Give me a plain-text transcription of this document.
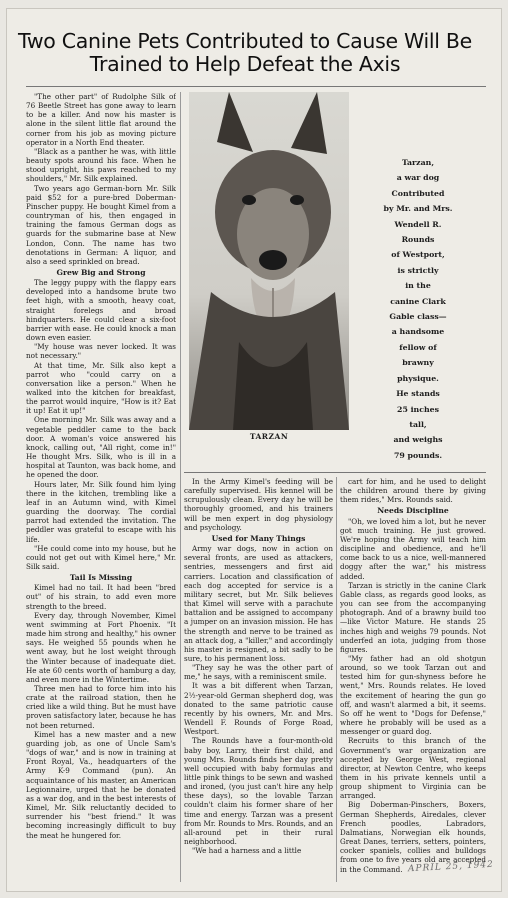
Two Canine Pets Contributed to Cause Will Be Trained to Help Defeat the Axis

"The other part" of Rudolphe Silk of 76 Beetle Street has gone away to learn to be a killer. And now his master is alone in the silent little flat around the corner from his job as moving picture operator in a North End theater.

"Black as a panther he was, with little beauty spots around his face. When he stood upright, his paws reached to my shoulders," Mr. Silk explained.

Two years ago German-born Mr. Silk paid $52 for a pure-bred Doberman-Pinscher puppy. He bought Kimel from a countryman of his, then engaged in training the famous German dogs as guards for the submarine base at New London, Conn. The name has two denotations in German: A liquor, and also a seed sprinkled on bread.

Grew Big and Strong

The leggy puppy with the flappy ears developed into a handsome brute two feet high, with a smooth, heavy coat, straight forelegs and broad hindquarters. He could clear a six-foot barrier with ease. He could knock a man down even easier.

"My house was never locked. It was not necessary."

At that time, Mr. Silk also kept a parrot who "could carry on a conversation like a person." When he walked into the kitchen for breakfast, the parrot would inquire, "How is it? Eat it up! Eat it up!"

One morning Mr. Silk was away and a vegetable peddler came to the back door. A woman's voice answered his knock, calling out, "All right, come in!" He thought Mrs. Silk, who is ill in a hospital at Taunton, was back home, and he opened the door.

Hours later, Mr. Silk found him lying there in the kitchen, trembling like a leaf in an Autumn wind, with Kimel guarding the doorway. The cordial parrot had extended the invitation. The peddler was grateful to escape with his life.

"He could come into my house, but he could not get out with Kimel here," Mr. Silk said.

Tail Is Missing

Kimel had no tail. It had been "bred out" of his strain, to add even more strength to the breed.

Every day, through November, Kimel went swimming at Fort Phoenix. "It made him strong and healthy," his owner says. He weighed 55 pounds when he went away, but he lost weight through the Winter because of inadequate diet. He ate 60 cents worth of hamburg a day, and even more in the Wintertime.

Three men had to force him into his crate at the railroad station, then he cried like a wild thing. But he must have proven satisfactory later, because he has not been returned.

Kimel has a new master and a new guarding job, as one of Uncle Sam's "dogs of war," and is now in training at Front Royal, Va., headquarters of the Army K-9 Command (pun). An acquaintance of his master, an American Legionnaire, urged that he be donated as a war dog, and in the best interests of Kimel, Mr. Silk reluctantly decided to surrender his "best friend." It was becoming increasingly difficult to buy the meat he hungered for.

TARZAN
Tarzan,
a war dog
Contributed
by Mr. and Mrs.
Wendell R.
Rounds
of Westport,
is strictly
in the
canine Clark
Gable class—
a handsome
fellow of
brawny
physique.
He stands
25 inches
tall,
and weighs
79 pounds.

In the Army Kimel's feeding will be carefully supervised. His kennel will be scrupulously clean. Every day he will be thoroughly groomed, and his trainers will be men expert in dog physiology and psychology.

Used for Many Things

Army war dogs, now in action on several fronts, are used as attackers, sentries, messengers and first aid carriers. Location and classification of each dog accepted for service is a military secret, but Mr. Silk believes that Kimel will serve with a parachute battalion and be assigned to accompany a jumper on an invasion mission. He has the strength and nerve to be trained as an attack dog, a "killer," and accordingly his master is resigned, a bit sadly to be sure, to his permanent loss.

"They say he was the other part of me," he says, with a reminiscent smile.

It was a bit different when Tarzan, 2½-year-old German shepherd dog, was donated to the same patriotic cause recently by his owners, Mr. and Mrs. Wendell F. Rounds of Forge Road, Westport.

The Rounds have a four-month-old baby boy, Larry, their first child, and young Mrs. Rounds finds her day pretty well occupied with baby formulas and little pink things to be sewn and washed and ironed, (you just can't hire any help these days), so the lovable Tarzan couldn't claim his former share of her time and energy. Tarzan was a present from Mr. Rounds to Mrs. Rounds, and an all-around pet in their rural neighborhood.

"We had a harness and a little

cart for him, and he used to delight the children around there by giving them rides," Mrs. Rounds said.

Needs Discipline

"Oh, we loved him a lot, but he never got much training. He just growed. We're hoping the Army will teach him discipline and obedience, and he'll come back to us a nice, well-mannered doggy after the war," his mistress added.

Tarzan is strictly in the canine Clark Gable class, as regards good looks, as you can see from the accompanying photograph. And of a brawny build too—like Victor Mature. He stands 25 inches high and weighs 79 pounds. Not underfed an iota, judging from those figures.

"My father had an old shotgun around, so we took Tarzan out and tested him for gun-shyness before he went," Mrs. Rounds relates. He loved the excitement of hearing the gun go off, and wasn't alarmed a bit, it seems. So off he went to "Dogs for Defense," where he probably will be used as a messenger or guard dog.

Recruits to this branch of the Government's war organization are accepted by George West, regional director, at Newton Centre, who keeps them in his private kennels until a group shipment to Virginia can be arranged.

Big Doberman-Pinschers, Boxers, German Shepherds, Airedales, clever French poodles, Labradors, Dalmatians, Norwegian elk hounds, Great Danes, terriers, setters, pointers, cocker spaniels, collies and bulldogs from one to five years old are accepted in the Command. APRIL 25, 1942
